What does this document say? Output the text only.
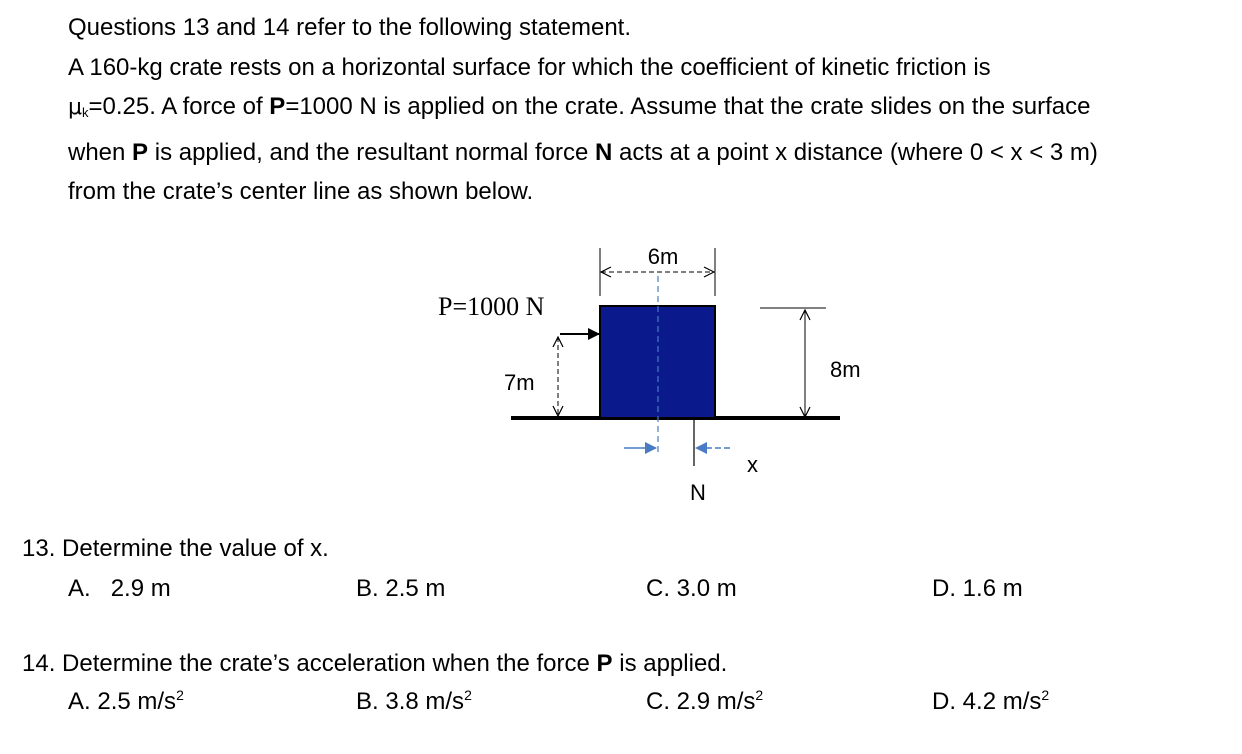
Questions 13 and 14 refer to the following statement.
A 160-kg crate rests on a horizontal surface for which the coefficient of kinetic friction is
$\mu_k=0.25$. A force of P=1000 N is applied on the crate. Assume that the crate slides on the surface
when P is applied, and the resultant normal force N acts at a point x distance (where 0 < x < 3 m)
from the crate’s center line as shown below.
6m
8m
P=1000 N
7m
N
x
13. Determine the value of x.
A. 2.9 m	B. 2.5 m	C. 3.0 m	D. 1.6 m
14. Determine the crate’s acceleration when the force P is applied.
A. 2.5 $m/s^2$	B. 3.8 $m/s^2$	C. 2.9 $m/s^2$	D. 4.2 $m/s^2$
